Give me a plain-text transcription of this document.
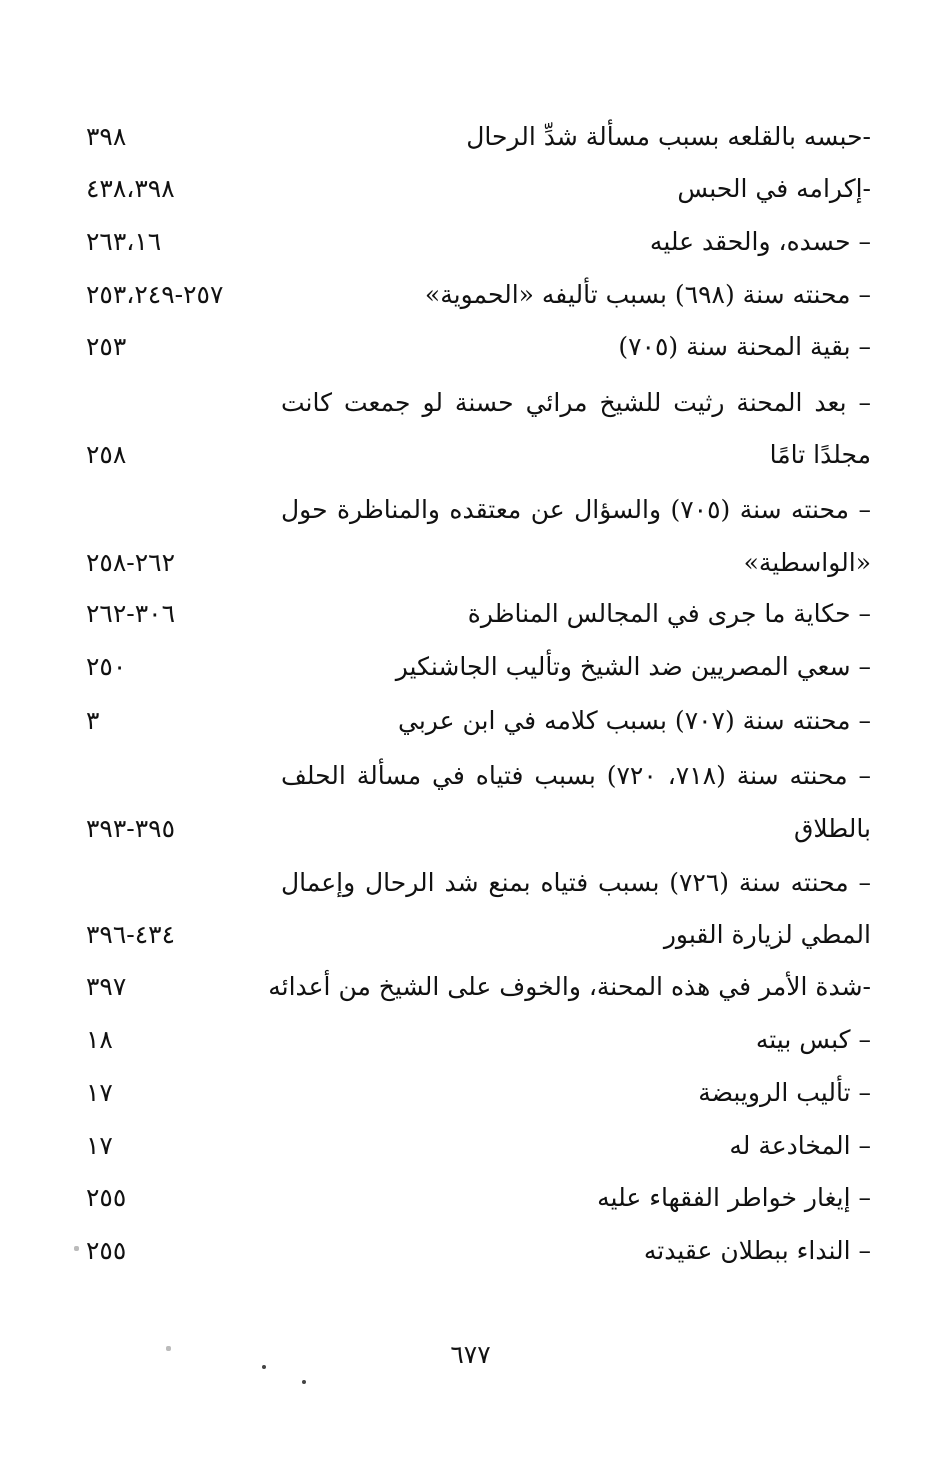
-حبسه بالقلعه بسبب مسألة شدِّ الرحال
٣٩٨
-إكرامه في الحبس
٤٣٨،٣٩٨
– حسده، والحقد عليه
٢٦٣،١٦
– محنته سنة (٦٩٨) بسبب تأليفه «الحموية»
٢٥٧-٢٥٣،٢٤٩
– بقية المحنة سنة (٧٠٥)
٢٥٣
– بعد المحنة رثيت للشيخ مرائي حسنة لو جمعت كانت
مجلدًا تامًا
٢٥٨
– محنته سنة (٧٠٥) والسؤال عن معتقده والمناظرة حول
«الواسطية»
٢٦٢-٢٥٨
– حكاية ما جرى في المجالس المناظرة
٣٠٦-٢٦٢
– سعي المصريين ضد الشيخ وتأليب الجاشنكير
٢٥٠
– محنته سنة (٧٠٧) بسبب كلامه في ابن عربي
٣
– محنته سنة (٧١٨، ٧٢٠) بسبب فتياه في مسألة الحلف
بالطلاق
٣٩٥-٣٩٣
– محنته سنة (٧٢٦) بسبب فتياه بمنع شد الرحال وإعمال
المطي لزيارة القبور
٤٣٤-٣٩٦
-شدة الأمر في هذه المحنة، والخوف على الشيخ من أعدائه
٣٩٧
– كبس بيته
١٨
– تأليب الرويبضة
١٧
– المخادعة له
١٧
– إيغار خواطر الفقهاء عليه
٢٥٥
– النداء ببطلان عقيدته
٢٥٥
٦٧٧
